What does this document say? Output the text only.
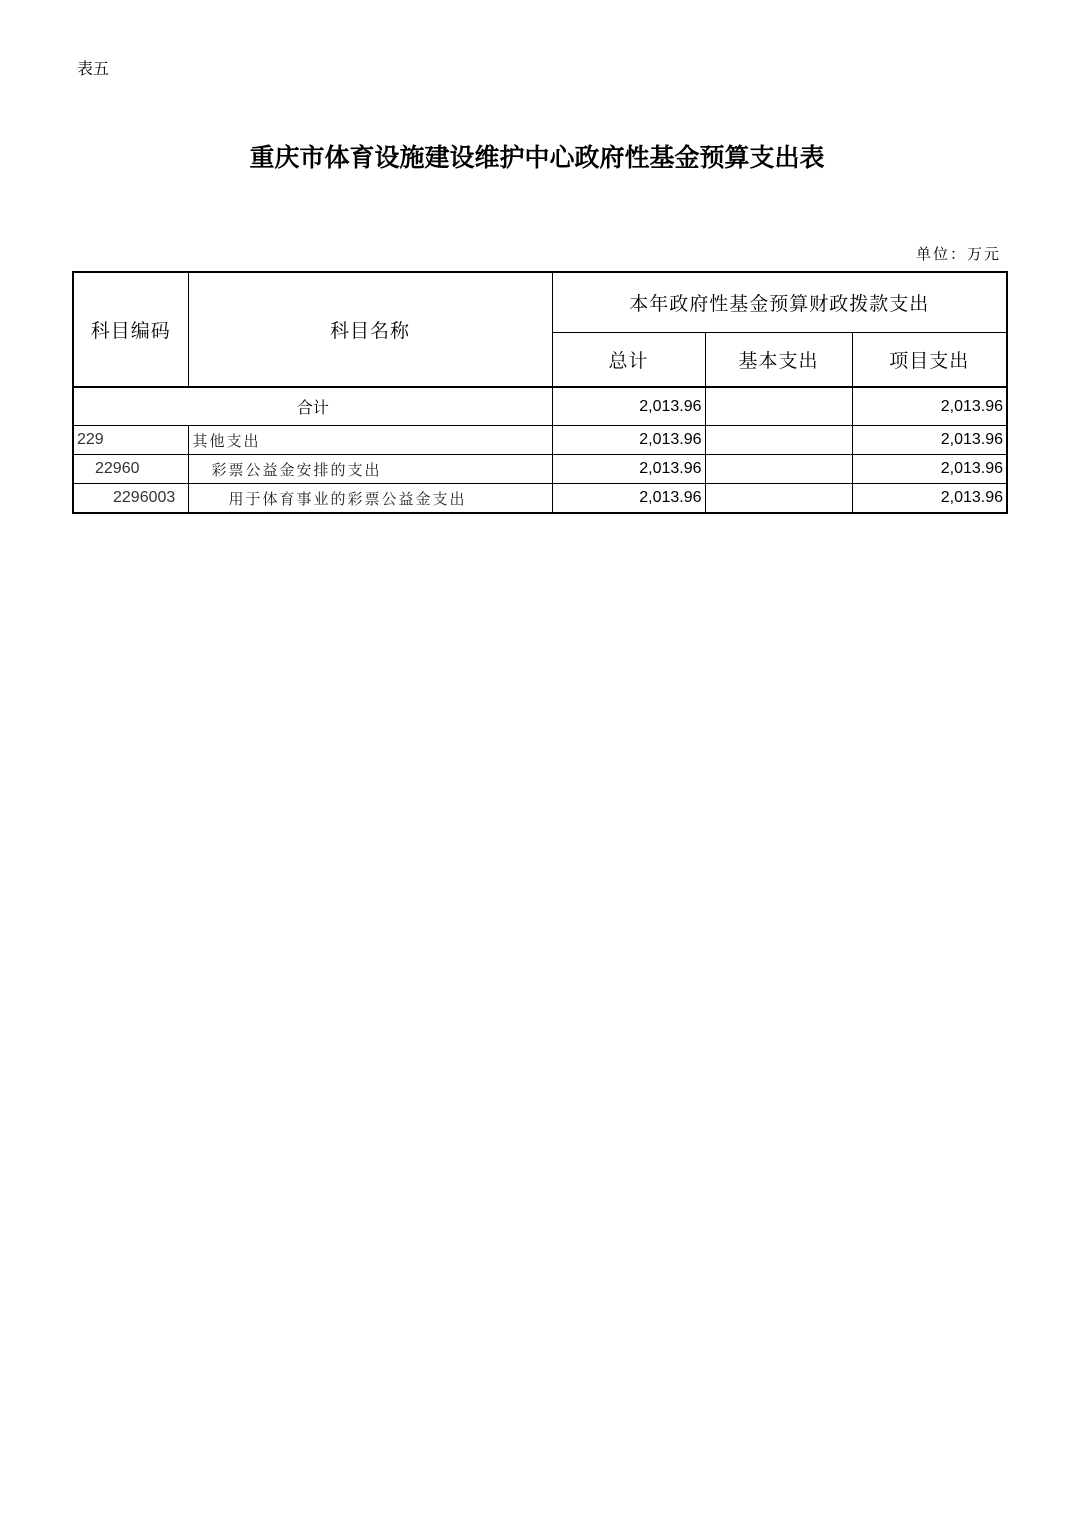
表五
重庆市体育设施建设维护中心政府性基金预算支出表
单位：万元
科目编码	科目名称	本年政府性基金预算财政拨款支出		
		总计	基本支出	项目支出
合计		2,013.96		2,013.96
229	其他支出	2,013.96		2,013.96
22960	彩票公益金安排的支出	2,013.96		2,013.96
2296003	用于体育事业的彩票公益金支出	2,013.96		2,013.96
